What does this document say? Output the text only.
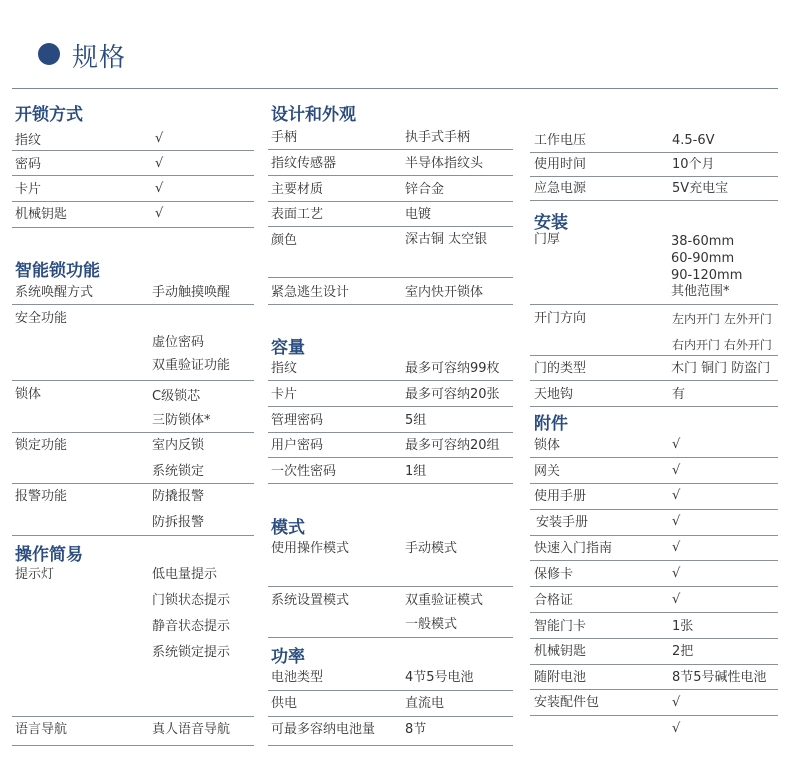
规格
开锁方式
指纹	√
密码	√
卡片	√
机械钥匙	√
智能锁功能
系统唤醒方式	手动触摸唤醒
安全功能
虚位密码
双重验证功能
锁体	C级锁芯
三防锁体*
锁定功能	室内反锁
系统锁定
报警功能	防撬报警
防拆报警
操作简易
提示灯	低电量提示
门锁状态提示
静音状态提示
系统锁定提示
语言导航	真人语音导航
设计和外观
手柄	执手式手柄
指纹传感器	半导体指纹头
主要材质	锌合金
表面工艺	电镀
颜色	深古铜 太空银
紧急逃生设计	室内快开锁体
容量
指纹	最多可容纳99枚
卡片	最多可容纳20张
管理密码	5组
用户密码	最多可容纳20组
一次性密码	1组
模式
使用操作模式	手动模式
系统设置模式	双重验证模式
一般模式
功率
电池类型	4节5号电池
供电	直流电
可最多容纳电池量 8节
工作电压	4.5-6V
使用时间	10个月
应急电源	5V充电宝
安装
门厚	38-60mm
60-90mm
90-120mm
其他范围*
开门方向	左内开门 左外开门
右内开门 右外开门
门的类型	木门 铜门 防盗门
天地钩	有
附件
锁体	√
网关	√
使用手册	√
安装手册	√
快速入门指南	√
保修卡	√
合格证	√
智能门卡	1张
机械钥匙	2把
随附电池	8节5号碱性电池
安装配件包	√
√
